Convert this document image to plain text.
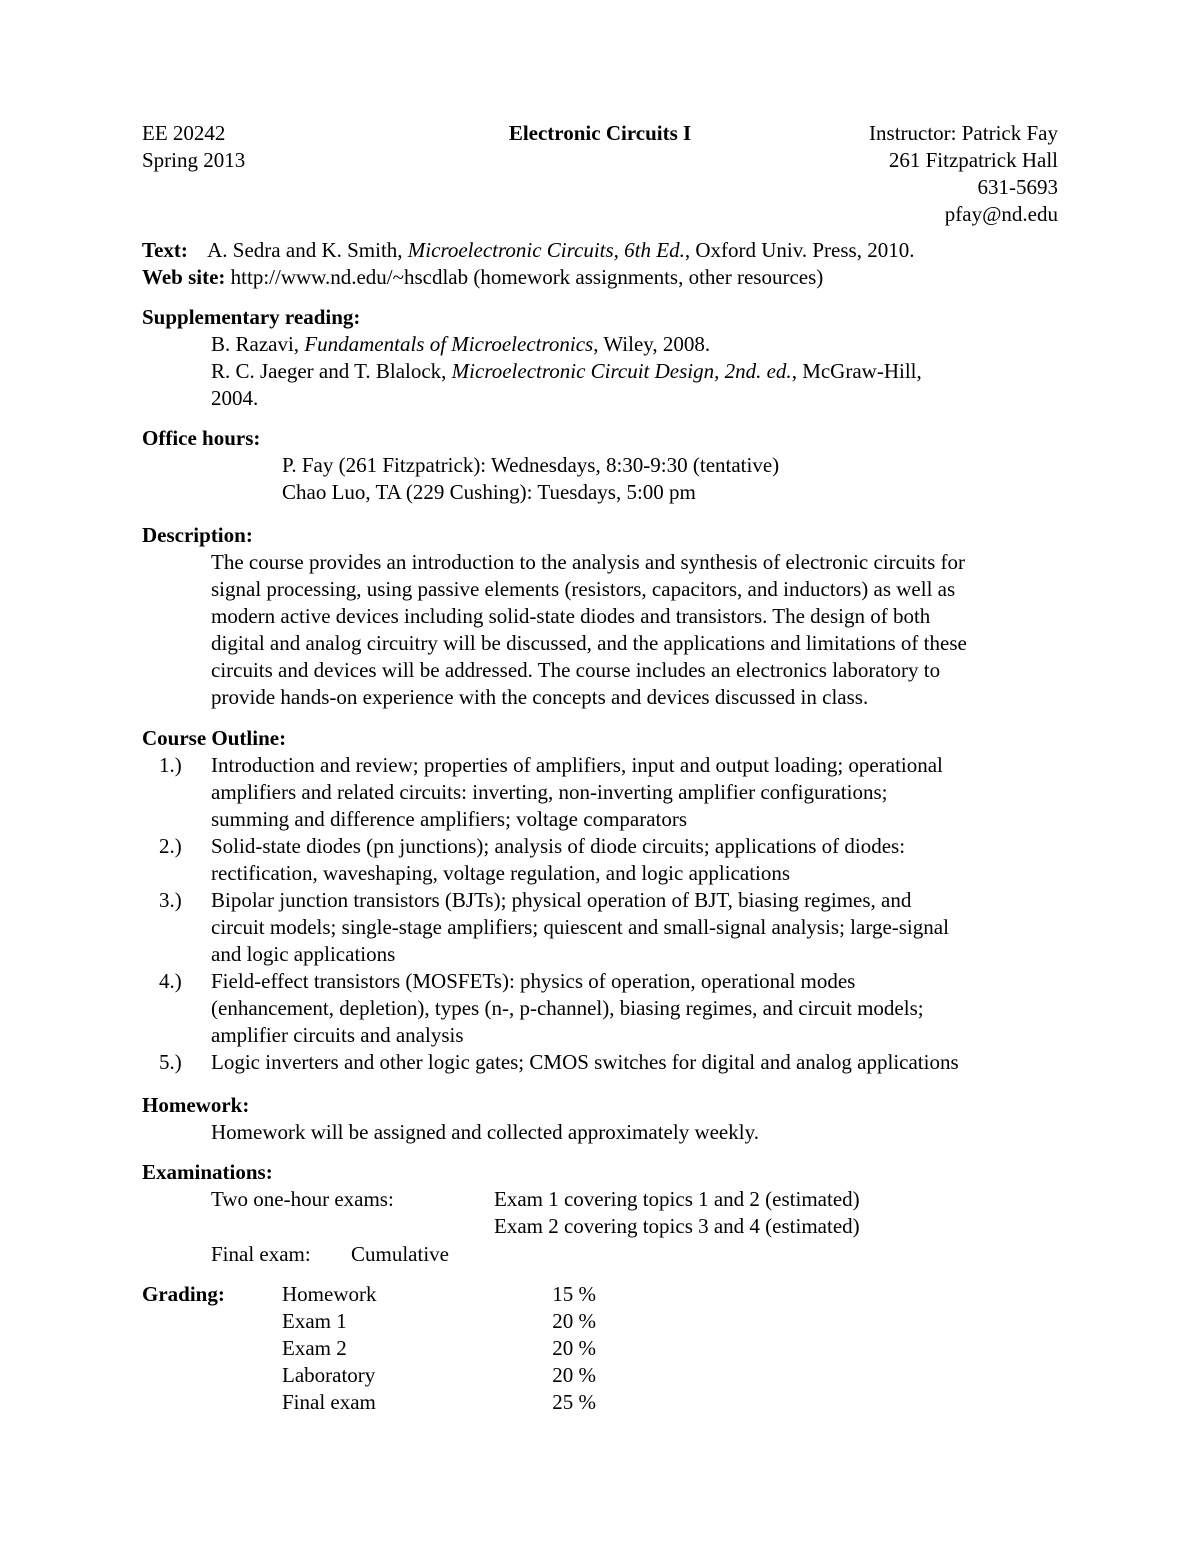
EE 20242
Spring 2013
Electronic Circuits I	Instructor: Patrick Fay
261 Fitzpatrick Hall
631-5693
pfay@nd.edu
Text: A. Sedra and K. Smith, Microelectronic Circuits, 6th Ed., Oxford Univ. Press, 2010.
Web site: http://www.nd.edu/~hscdlab (homework assignments, other resources)
Supplementary reading:
B. Razavi, Fundamentals of Microelectronics, Wiley, 2008.
R. C. Jaeger and T. Blalock, Microelectronic Circuit Design, 2nd. ed., McGraw-Hill,
2004.
Office hours:
P. Fay (261 Fitzpatrick): Wednesdays, 8:30-9:30 (tentative)
Chao Luo, TA (229 Cushing): Tuesdays, 5:00 pm
Description:
The course provides an introduction to the analysis and synthesis of electronic circuits for
signal processing, using passive elements (resistors, capacitors, and inductors) as well as
modern active devices including solid-state diodes and transistors. The design of both
digital and analog circuitry will be discussed, and the applications and limitations of these
circuits and devices will be addressed. The course includes an electronics laboratory to
provide hands-on experience with the concepts and devices discussed in class.
Course Outline:
1.) Introduction and review; properties of amplifiers, input and output loading; operational
amplifiers and related circuits: inverting, non-inverting amplifier configurations;
summing and difference amplifiers; voltage comparators
2.) Solid-state diodes (pn junctions); analysis of diode circuits; applications of diodes:
rectification, waveshaping, voltage regulation, and logic applications
3.) Bipolar junction transistors (BJTs); physical operation of BJT, biasing regimes, and
circuit models; single-stage amplifiers; quiescent and small-signal analysis; large-signal
and logic applications
4.) Field-effect transistors (MOSFETs): physics of operation, operational modes
(enhancement, depletion), types (n-, p-channel), biasing regimes, and circuit models;
amplifier circuits and analysis
5.) Logic inverters and other logic gates; CMOS switches for digital and analog applications
Homework:
Homework will be assigned and collected approximately weekly.
Examinations:
Two one-hour exams:	Exam 1 covering topics 1 and 2 (estimated)
Exam 2 covering topics 3 and 4 (estimated)
Final exam: Cumulative
Grading:	Homework	15 %
Exam 1	20 %
Exam 2	20 %
Laboratory	20 %
Final exam	25 %
